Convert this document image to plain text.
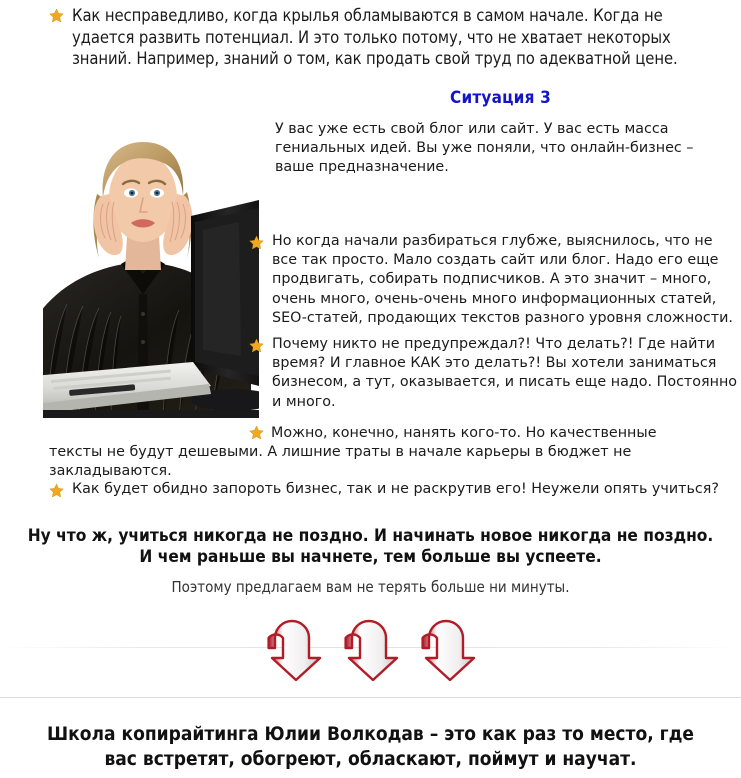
Как несправедливо, когда крылья обламываются в самом начале. Когда не удается развить потенциал. И это только потому, что не хватает некоторых знаний. Например, знаний о том, как продать свой труд по адекватной цене.
Ситуация 3
У вас уже есть свой блог или сайт. У вас есть масса гениальных идей. Вы уже поняли, что онлайн-бизнес – ваше предназначение.
Но когда начали разбираться глубже, выяснилось, что не все так просто. Мало создать сайт или блог. Надо его еще продвигать, собирать подписчиков. А это значит – много, очень много, очень-очень много информационных статей, SEO-статей, продающих текстов разного уровня сложности.
Почему никто не предупреждал?! Что делать?! Где найти время? И главное КАК это делать?! Вы хотели заниматься бизнесом, а тут, оказывается, и писать еще надо. Постоянно и много.
Можно, конечно, нанять кого-то. Но качественные
тексты не будут дешевыми. А лишние траты в начале карьеры в бюджет не закладываются.
Как будет обидно запороть бизнес, так и не раскрутив его! Неужели опять учиться?
Ну что ж, учиться никогда не поздно. И начинать новое никогда не поздно.
И чем раньше вы начнете, тем больше вы успеете.
Поэтому предлагаем вам не терять больше ни минуты.
Школа копирайтинга Юлии Волкодав – это как раз то место, где
вас встретят, обогреют, обласкают, поймут и научат.
